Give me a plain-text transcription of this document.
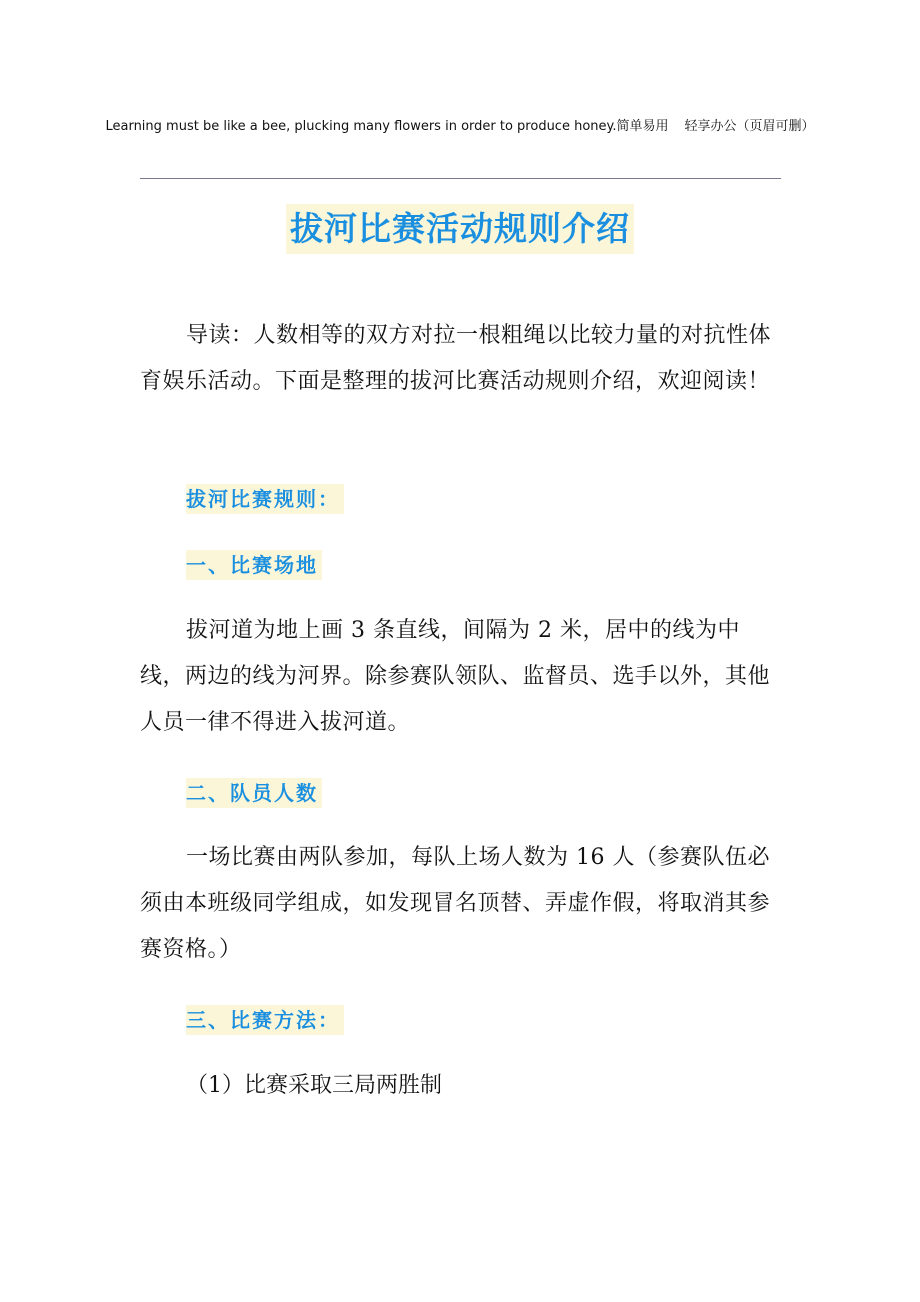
Learning must be like a bee, plucking many flowers in order to produce honey.简单易用 轻享办公（页眉可删）
拔河比赛活动规则介绍

导读：人数相等的双方对拉一根粗绳以比较力量的对抗性体育娱乐活动。下面是整理的拔河比赛活动规则介绍，欢迎阅读！

拔河比赛规则：
一、比赛场地

拔河道为地上画 3 条直线，间隔为 2 米，居中的线为中线，两边的线为河界。除参赛队领队、监督员、选手以外，其他人员一律不得进入拔河道。

二、队员人数

一场比赛由两队参加，每队上场人数为 16 人（参赛队伍必须由本班级同学组成，如发现冒名顶替、弄虚作假，将取消其参赛资格。）

三、比赛方法：

（1）比赛采取三局两胜制
